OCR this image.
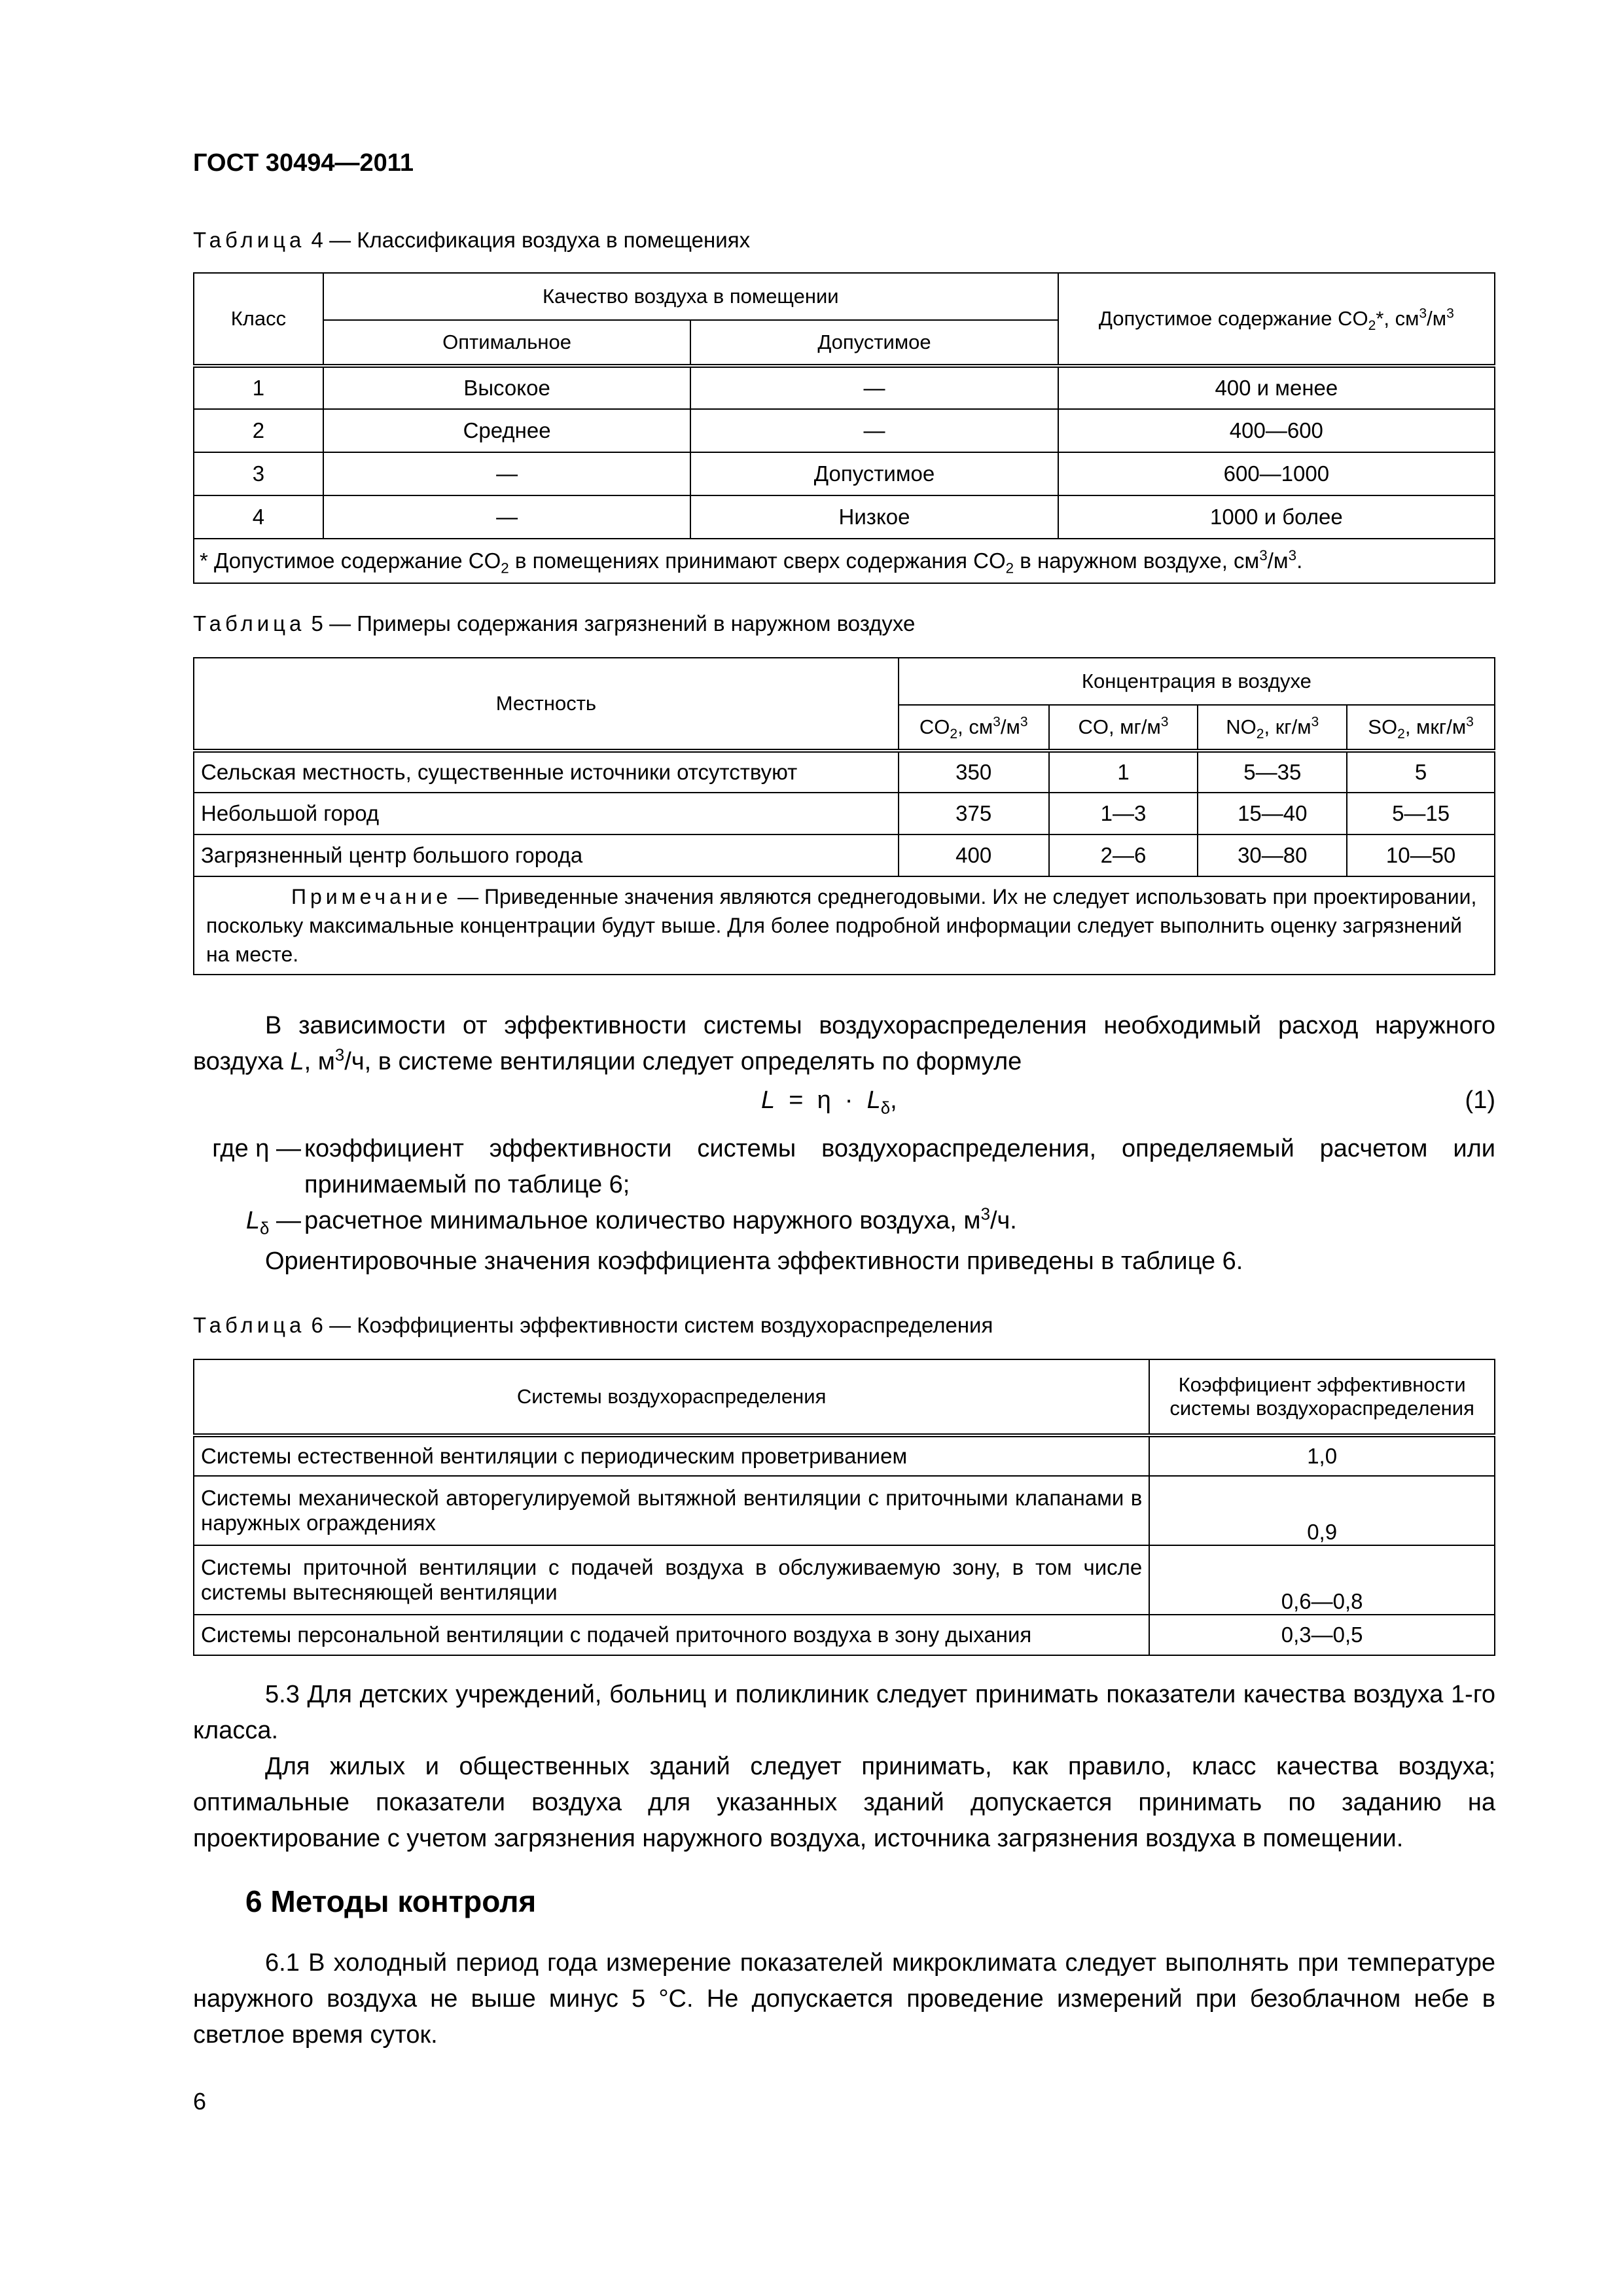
ГОСТ 30494—2011
Таблица 4 — Классификация воздуха в помещениях
Класс	Качество воздуха в помещении		Допустимое содержание $CO_2*$, $см^3/м^3$
	Оптимальное	Допустимое	
1	Высокое	—	400 и менее
2	Среднее	—	400—600
3	—	Допустимое	600—1000
4	—	Низкое	1000 и более
* Допустимое содержание $CO_2$ в помещениях принимают сверх содержания $CO_2$ в наружном воздухе, $см^3/м^3$.			
Таблица 5 — Примеры содержания загрязнений в наружном воздухе
Местность	Концентрация в воздухе			
	$CO_2$, $см^3/м^3$	CO, $мг/м^3$	$NO_2$, $кг/м^3$	$SO_2$, мкг/$м^3$
Сельская местность, существенные источники отсутствуют	350	1	5—35	5
Небольшой город	375	1—3	15—40	5—15
Загрязненный центр большого города	400	2—6	30—80	10—50
Примечание — Приведенные значения являются среднегодовыми. Их не следует использовать при проектировании, поскольку максимальные концентрации будут выше. Для более подробной информации следует выполнить оценку загрязнений на месте.				
В зависимости от эффективности системы воздухораспределения необходимый расход наружного воздуха L, $м^3/ч$, в системе вентиляции следует определять по формуле
$L = \eta \cdot L_\delta$,	(1)
где η — коэффициент эффективности системы воздухораспределения, определяемый расчетом или принимаемый по таблице 6;
$L_\delta$ — расчетное минимальное количество наружного воздуха, $м^3/ч$.
Ориентировочные значения коэффициента эффективности приведены в таблице 6.
Таблица 6 — Коэффициенты эффективности систем воздухораспределения
Системы воздухораспределения	Коэффициент эффективности системы воздухораспределения
Системы естественной вентиляции с периодическим проветриванием	1,0
Системы механической авторегулируемой вытяжной вентиляции с приточными клапанами в наружных ограждениях	0,9
Системы приточной вентиляции с подачей воздуха в обслуживаемую зону, в том числе системы вытесняющей вентиляции	0,6—0,8
Системы персональной вентиляции с подачей приточного воздуха в зону дыхания	0,3—0,5
5.3 Для детских учреждений, больниц и поликлиник следует принимать показатели качества воздуха 1-го класса.
Для жилых и общественных зданий следует принимать, как правило, класс качества воздуха; оптимальные показатели воздуха для указанных зданий допускается принимать по заданию на проектирование с учетом загрязнения наружного воздуха, источника загрязнения воздуха в помещении.
6 Методы контроля
6.1 В холодный период года измерение показателей микроклимата следует выполнять при температуре наружного воздуха не выше минус 5 °С. Не допускается проведение измерений при безоблачном небе в светлое время суток.
6
